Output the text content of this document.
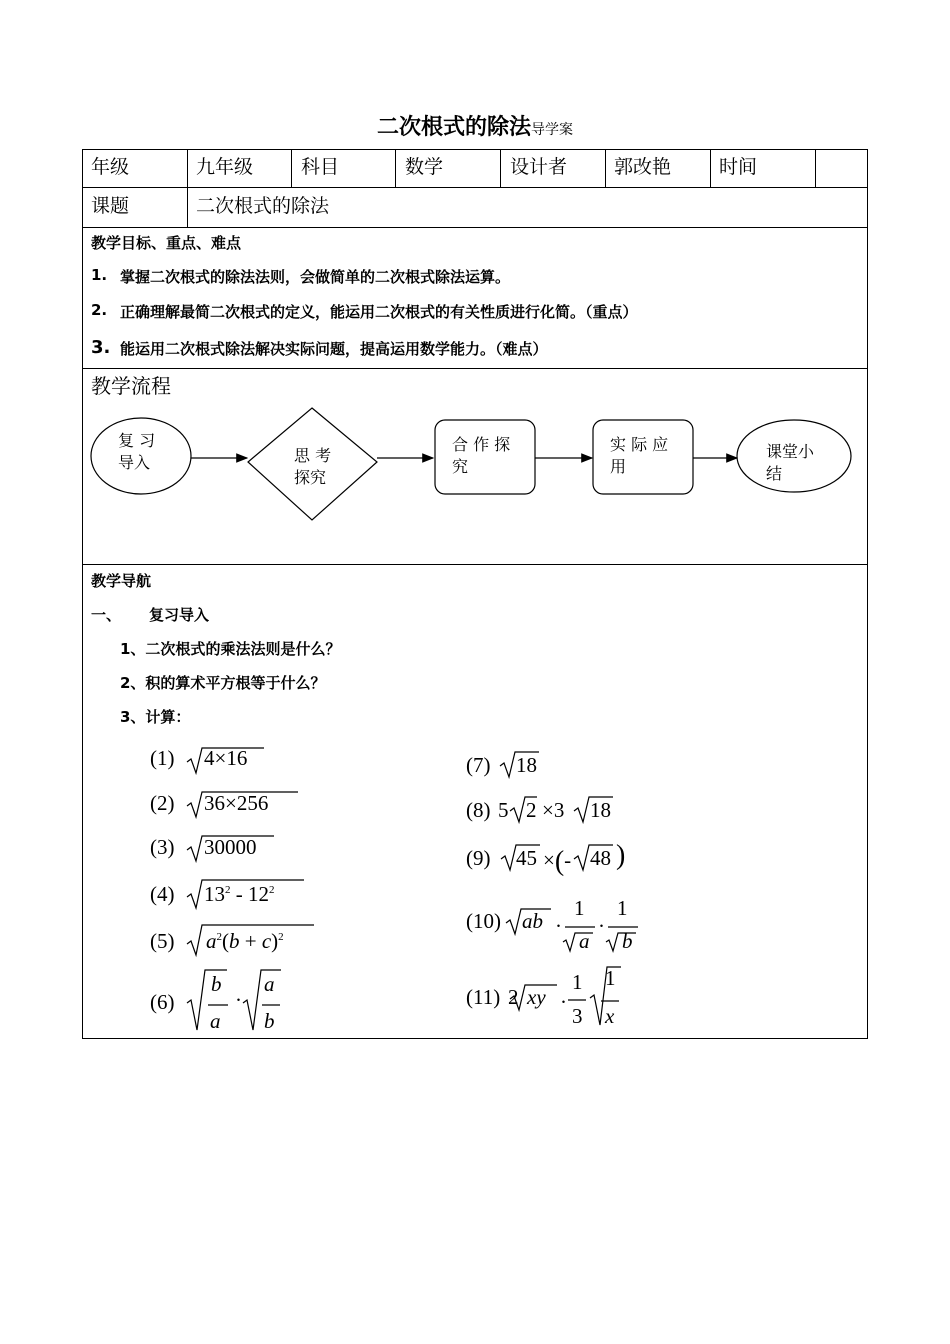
二次根式的除法导学案
年级	九年级	科目	数学	设计者 郭改艳	时间
课题	二次根式的除法
教学目标、重点、难点
1. 掌握二次根式的除法法则，会做简单的二次根式除法运算。
2. 正确理解最简二次根式的定义，能运用二次根式的有关性质进行化简。（重点）
3. 能运用二次根式除法解决实际问题，提高运用数学能力。（难点）
教学流程
复 习
导入	思 考
探究
合 作 探
究
实 际 应
用
课堂小
结
教学导航
一、 复习导入
1、二次根式的乘法法则是什么？
2、积的算术平方根等于什么？
3、计算：
(1)
(2)
(3)
(4)
(5)
(6)
(7)
(8)
(9)
(10)
(11)
4×16
36×256
30000
$13^2 - 12^2$
$a^2(b + c)^2$
b
a
·
a
b
18
5 2 ×3 18
45 ×(- 48 )
ab ·
1
a
·
1
b
2 xy ·
1
3
1
x
